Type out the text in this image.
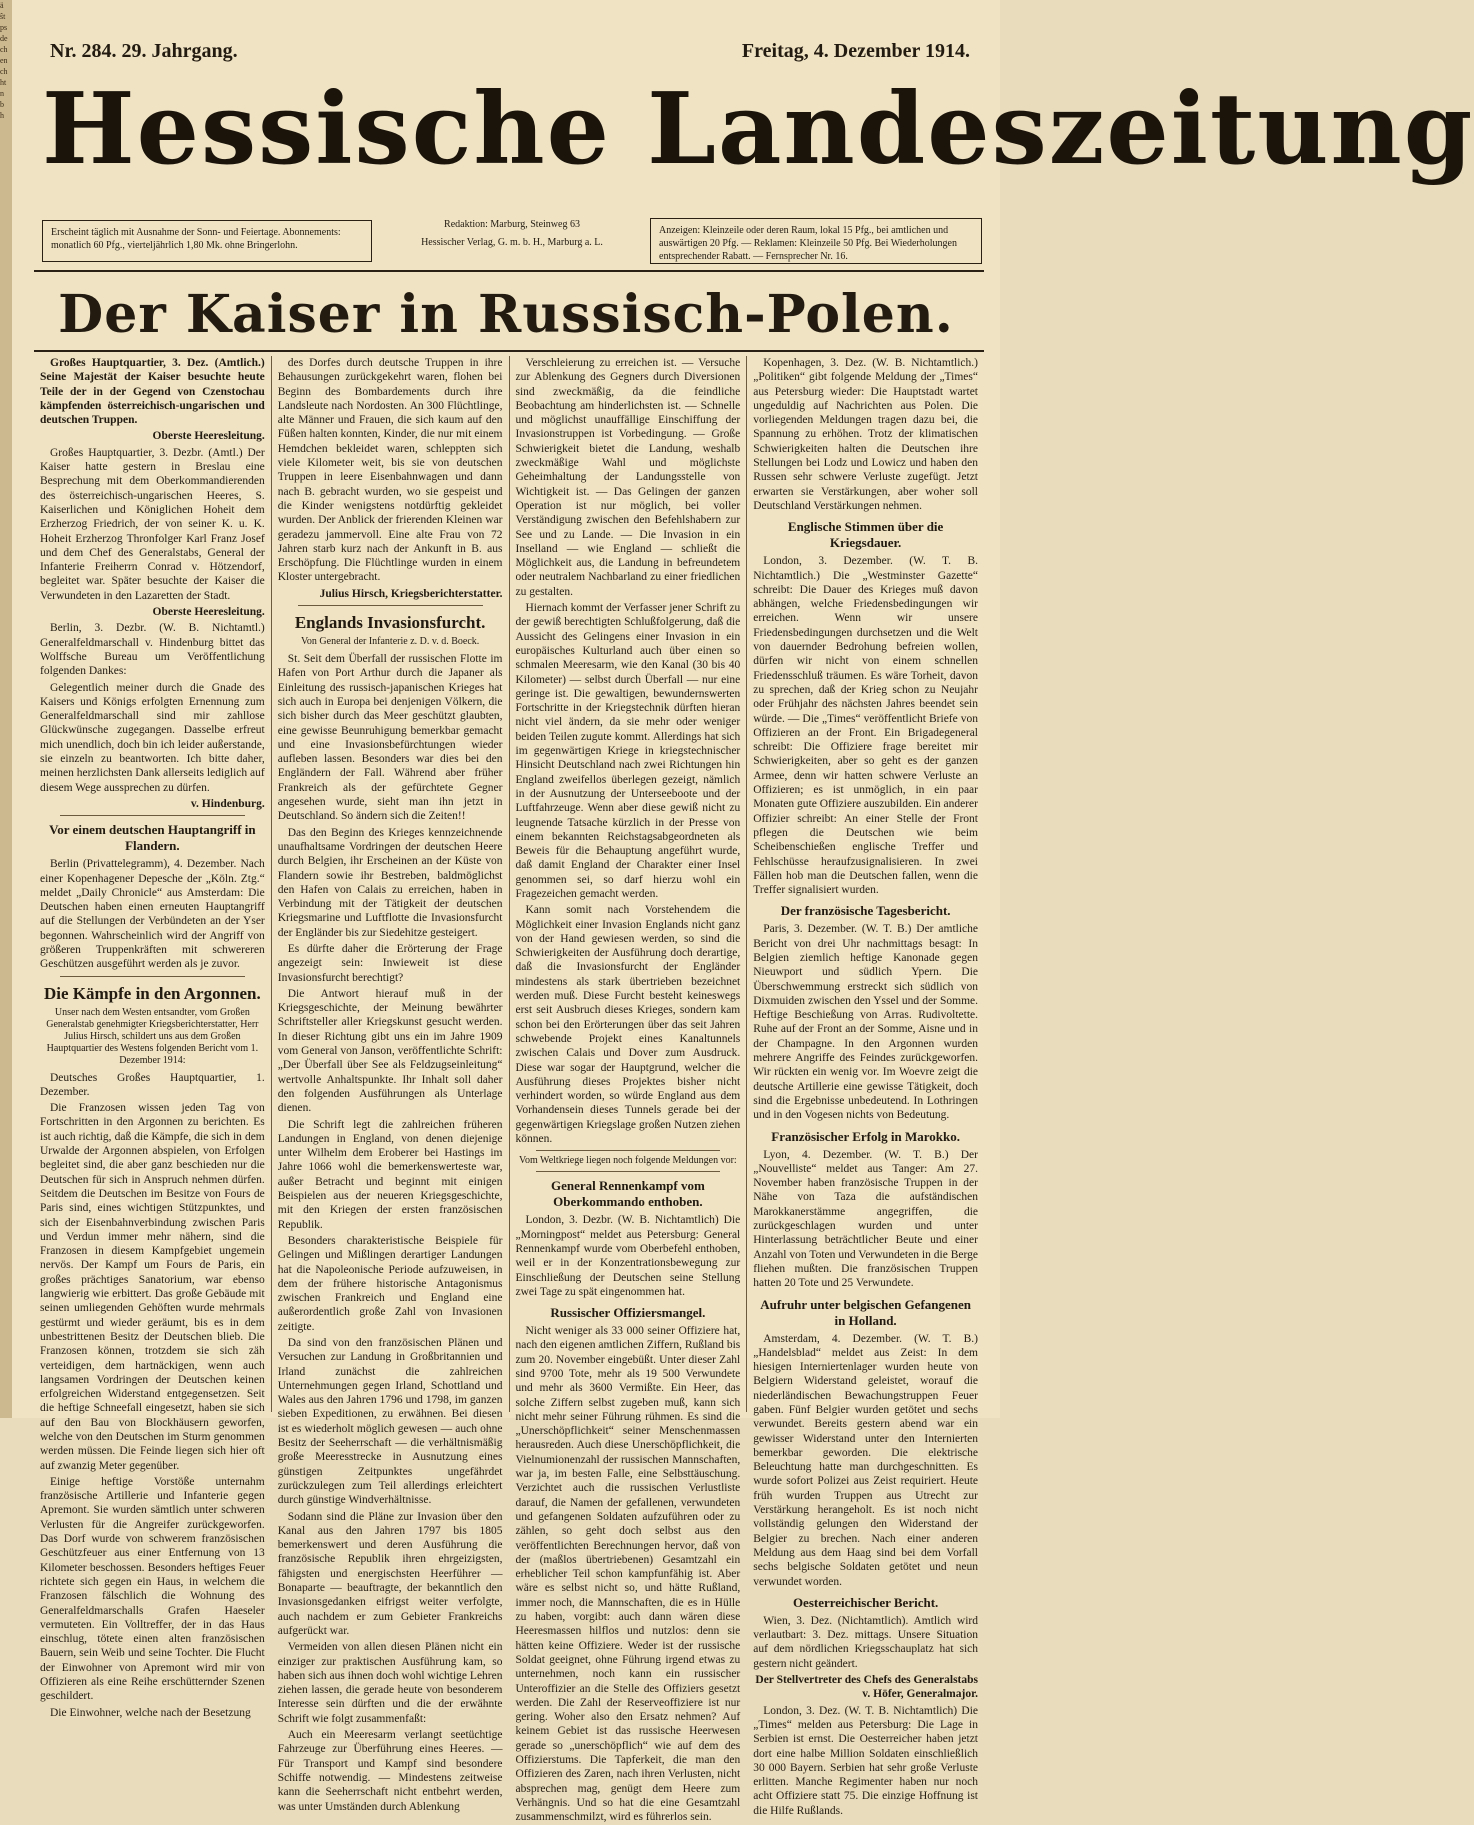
ä
ŝt
ps
de
ch
en
ch
ht
n
b
h
Nr. 284. 29. Jahrgang.	Freitag, 4. Dezember 1914.
Hessische Landeszeitung
Erscheint täglich mit Ausnahme der Sonn- und Feiertage. Abonnements: monatlich 60 Pfg., vierteljährlich 1,80 Mk. ohne Bringerlohn.
Redaktion: Marburg, Steinweg 63
Hessischer Verlag, G. m. b. H., Marburg a. L.
Anzeigen: Kleinzeile oder deren Raum, lokal 15 Pfg., bei amtlichen und auswärtigen 20 Pfg. — Reklamen: Kleinzeile 50 Pfg. Bei Wiederholungen entsprechender Rabatt. — Fernsprecher Nr. 16.
Der Kaiser in Russisch-Polen.

Großes Hauptquartier, 3. Dez. (Amtlich.) Seine Majestät der Kaiser besuchte heute Teile der in der Gegend von Czenstochau kämpfenden österreichisch-ungarischen und deutschen Truppen.

Oberste Heeresleitung.

Großes Hauptquartier, 3. Dezbr. (Amtl.) Der Kaiser hatte gestern in Breslau eine Besprechung mit dem Oberkommandierenden des österreichisch-ungarischen Heeres, S. Kaiserlichen und Königlichen Hoheit dem Erzherzog Friedrich, der von seiner K. u. K. Hoheit Erzherzog Thronfolger Karl Franz Josef und dem Chef des Generalstabs, General der Infanterie Freiherrn Conrad v. Hötzendorf, begleitet war. Später besuchte der Kaiser die Verwundeten in den Lazaretten der Stadt.

Oberste Heeresleitung.

Berlin, 3. Dezbr. (W. B. Nichtamtl.) Generalfeldmarschall v. Hindenburg bittet das Wolffsche Bureau um Veröffentlichung folgenden Dankes:

Gelegentlich meiner durch die Gnade des Kaisers und Königs erfolgten Ernennung zum Generalfeldmarschall sind mir zahllose Glückwünsche zugegangen. Dasselbe erfreut mich unendlich, doch bin ich leider außerstande, sie einzeln zu beantworten. Ich bitte daher, meinen herzlichsten Dank allerseits lediglich auf diesem Wege aussprechen zu dürfen.

v. Hindenburg.

Vor einem deutschen Hauptangriff in Flandern.

Berlin (Privattelegramm), 4. Dezember. Nach einer Kopenhagener Depesche der „Köln. Ztg.“ meldet „Daily Chronicle“ aus Amsterdam: Die Deutschen haben einen erneuten Hauptangriff auf die Stellungen der Verbündeten an der Yser begonnen. Wahrscheinlich wird der Angriff von größeren Truppenkräften mit schwereren Geschützen ausgeführt werden als je zuvor.

Die Kämpfe in den Argonnen.

Unser nach dem Westen entsandter, vom Großen Generalstab genehmigter Kriegsberichterstatter, Herr Julius Hirsch, schildert uns aus dem Großen Hauptquartier des Westens folgenden Bericht vom 1. Dezember 1914:

Deutsches Großes Hauptquartier, 1. Dezember.

Die Franzosen wissen jeden Tag von Fortschritten in den Argonnen zu berichten. Es ist auch richtig, daß die Kämpfe, die sich in dem Urwalde der Argonnen abspielen, von Erfolgen begleitet sind, die aber ganz beschieden nur die Deutschen für sich in Anspruch nehmen dürfen. Seitdem die Deutschen im Besitze von Fours de Paris sind, eines wichtigen Stützpunktes, und sich der Eisenbahnverbindung zwischen Paris und Verdun immer mehr nähern, sind die Franzosen in diesem Kampfgebiet ungemein nervös. Der Kampf um Fours de Paris, ein großes prächtiges Sanatorium, war ebenso langwierig wie erbittert. Das große Gebäude mit seinen umliegenden Gehöften wurde mehrmals gestürmt und wieder geräumt, bis es in dem unbestrittenen Besitz der Deutschen blieb. Die Franzosen können, trotzdem sie sich zäh verteidigen, dem hartnäckigen, wenn auch langsamen Vordringen der Deutschen keinen erfolgreichen Widerstand entgegensetzen. Seit die heftige Schneefall eingesetzt, haben sie sich auf den Bau von Blockhäusern geworfen, welche von den Deutschen im Sturm genommen werden müssen. Die Feinde liegen sich hier oft auf zwanzig Meter gegenüber.

Einige heftige Vorstöße unternahm französische Artillerie und Infanterie gegen Apremont. Sie wurden sämtlich unter schweren Verlusten für die Angreifer zurückgeworfen. Das Dorf wurde von schwerem französischen Geschützfeuer aus einer Entfernung von 13 Kilometer beschossen. Besonders heftiges Feuer richtete sich gegen ein Haus, in welchem die Franzosen fälschlich die Wohnung des Generalfeldmarschalls Grafen Haeseler vermuteten. Ein Volltreffer, der in das Haus einschlug, tötete einen alten französischen Bauern, sein Weib und seine Tochter. Die Flucht der Einwohner von Apremont wird mir von Offizieren als eine Reihe erschütternder Szenen geschildert.

Die Einwohner, welche nach der Besetzung

des Dorfes durch deutsche Truppen in ihre Behausungen zurückgekehrt waren, flohen bei Beginn des Bombardements durch ihre Landsleute nach Nordosten. An 300 Flüchtlinge, alte Männer und Frauen, die sich kaum auf den Füßen halten konnten, Kinder, die nur mit einem Hemdchen bekleidet waren, schleppten sich viele Kilometer weit, bis sie von deutschen Truppen in leere Eisenbahnwagen und dann nach B. gebracht wurden, wo sie gespeist und die Kinder wenigstens notdürftig gekleidet wurden. Der Anblick der frierenden Kleinen war geradezu jammervoll. Eine alte Frau von 72 Jahren starb kurz nach der Ankunft in B. aus Erschöpfung. Die Flüchtlinge wurden in einem Kloster untergebracht.

Julius Hirsch, Kriegsberichterstatter.

Englands Invasionsfurcht.

Von General der Infanterie z. D. v. d. Boeck.

St. Seit dem Überfall der russischen Flotte im Hafen von Port Arthur durch die Japaner als Einleitung des russisch-japanischen Krieges hat sich auch in Europa bei denjenigen Völkern, die sich bisher durch das Meer geschützt glaubten, eine gewisse Beunruhigung bemerkbar gemacht und eine Invasionsbefürchtungen wieder aufleben lassen. Besonders war dies bei den Engländern der Fall. Während aber früher Frankreich als der gefürchtete Gegner angesehen wurde, sieht man ihn jetzt in Deutschland. So ändern sich die Zeiten!!

Das den Beginn des Krieges kennzeichnende unaufhaltsame Vordringen der deutschen Heere durch Belgien, ihr Erscheinen an der Küste von Flandern sowie ihr Bestreben, baldmöglichst den Hafen von Calais zu erreichen, haben in Verbindung mit der Tätigkeit der deutschen Kriegsmarine und Luftflotte die Invasionsfurcht der Engländer bis zur Siedehitze gesteigert.

Es dürfte daher die Erörterung der Frage angezeigt sein: Inwieweit ist diese Invasionsfurcht berechtigt?

Die Antwort hierauf muß in der Kriegsgeschichte, der Meinung bewährter Schriftsteller aller Kriegskunst gesucht werden. In dieser Richtung gibt uns ein im Jahre 1909 vom General von Janson, veröffentlichte Schrift: „Der Überfall über See als Feldzugseinleitung“ wertvolle Anhaltspunkte. Ihr Inhalt soll daher den folgenden Ausführungen als Unterlage dienen.

Die Schrift legt die zahlreichen früheren Landungen in England, von denen diejenige unter Wilhelm dem Eroberer bei Hastings im Jahre 1066 wohl die bemerkenswerteste war, außer Betracht und beginnt mit einigen Beispielen aus der neueren Kriegsgeschichte, mit den Kriegen der ersten französischen Republik.

Besonders charakteristische Beispiele für Gelingen und Mißlingen derartiger Landungen hat die Napoleonische Periode aufzuweisen, in dem der frühere historische Antagonismus zwischen Frankreich und England eine außerordentlich große Zahl von Invasionen zeitigte.

Da sind von den französischen Plänen und Versuchen zur Landung in Großbritannien und Irland zunächst die zahlreichen Unternehmungen gegen Irland, Schottland und Wales aus den Jahren 1796 und 1798, im ganzen sieben Expeditionen, zu erwähnen. Bei diesen ist es wiederholt möglich gewesen — auch ohne Besitz der Seeherrschaft — die verhältnismäßig große Meeresstrecke in Ausnutzung eines günstigen Zeitpunktes ungefährdet zurückzulegen zum Teil allerdings erleichtert durch günstige Windverhältnisse.

Sodann sind die Pläne zur Invasion über den Kanal aus den Jahren 1797 bis 1805 bemerkenswert und deren Ausführung die französische Republik ihren ehrgeizigsten, fähigsten und energischsten Heerführer — Bonaparte — beauftragte, der bekanntlich den Invasionsgedanken eifrigst weiter verfolgte, auch nachdem er zum Gebieter Frankreichs aufgerückt war.

Vermeiden von allen diesen Plänen nicht ein einziger zur praktischen Ausführung kam, so haben sich aus ihnen doch wohl wichtige Lehren ziehen lassen, die gerade heute von besonderem Interesse sein dürften und die der erwähnte Schrift wie folgt zusammenfaßt:

Auch ein Meeresarm verlangt seetüchtige Fahrzeuge zur Überführung eines Heeres. — Für Transport und Kampf sind besondere Schiffe notwendig. — Mindestens zeitweise kann die Seeherrschaft nicht entbehrt werden, was unter Umständen durch Ablenkung

Verschleierung zu erreichen ist. — Versuche zur Ablenkung des Gegners durch Diversionen sind zweckmäßig, da die feindliche Beobachtung am hinderlichsten ist. — Schnelle und möglichst unauffällige Einschiffung der Invasionstruppen ist Vorbedingung. — Große Schwierigkeit bietet die Landung, weshalb zweckmäßige Wahl und möglichste Geheimhaltung der Landungsstelle von Wichtigkeit ist. — Das Gelingen der ganzen Operation ist nur möglich, bei voller Verständigung zwischen den Befehlshabern zur See und zu Lande. — Die Invasion in ein Inselland — wie England — schließt die Möglichkeit aus, die Landung in befreundetem oder neutralem Nachbarland zu einer friedlichen zu gestalten.

Hiernach kommt der Verfasser jener Schrift zu der gewiß berechtigten Schlußfolgerung, daß die Aussicht des Gelingens einer Invasion in ein europäisches Kulturland auch über einen so schmalen Meeresarm, wie den Kanal (30 bis 40 Kilometer) — selbst durch Überfall — nur eine geringe ist. Die gewaltigen, bewundernswerten Fortschritte in der Kriegstechnik dürften hieran nicht viel ändern, da sie mehr oder weniger beiden Teilen zugute kommt. Allerdings hat sich im gegenwärtigen Kriege in kriegstechnischer Hinsicht Deutschland nach zwei Richtungen hin England zweifellos überlegen gezeigt, nämlich in der Ausnutzung der Unterseeboote und der Luftfahrzeuge. Wenn aber diese gewiß nicht zu leugnende Tatsache kürzlich in der Presse von einem bekannten Reichstagsabgeordneten als Beweis für die Behauptung angeführt wurde, daß damit England der Charakter einer Insel genommen sei, so darf hierzu wohl ein Fragezeichen gemacht werden.

Kann somit nach Vorstehendem die Möglichkeit einer Invasion Englands nicht ganz von der Hand gewiesen werden, so sind die Schwierigkeiten der Ausführung doch derartige, daß die Invasionsfurcht der Engländer mindestens als stark übertrieben bezeichnet werden muß. Diese Furcht besteht keineswegs erst seit Ausbruch dieses Krieges, sondern kam schon bei den Erörterungen über das seit Jahren schwebende Projekt eines Kanaltunnels zwischen Calais und Dover zum Ausdruck. Diese war sogar der Hauptgrund, welcher die Ausführung dieses Projektes bisher nicht verhindert worden, so würde England aus dem Vorhandensein dieses Tunnels gerade bei der gegenwärtigen Kriegslage großen Nutzen ziehen können.

Vom Weltkriege liegen noch folgende Meldungen vor:

General Rennenkampf vom Oberkommando enthoben.

London, 3. Dezbr. (W. B. Nichtamtlich) Die „Morningpost“ meldet aus Petersburg: General Rennenkampf wurde vom Oberbefehl enthoben, weil er in der Konzentrationsbewegung zur Einschließung der Deutschen seine Stellung zwei Tage zu spät eingenommen hat.

Russischer Offiziersmangel.

Nicht weniger als 33 000 seiner Offiziere hat, nach den eigenen amtlichen Ziffern, Rußland bis zum 20. November eingebüßt. Unter dieser Zahl sind 9700 Tote, mehr als 19 500 Verwundete und mehr als 3600 Vermißte. Ein Heer, das solche Ziffern selbst zugeben muß, kann sich nicht mehr seiner Führung rühmen. Es sind die „Unerschöpflichkeit“ seiner Menschenmassen herausreden. Auch diese Unerschöpflichkeit, die Vielnumionenzahl der russischen Mannschaften, war ja, im besten Falle, eine Selbsttäuschung. Verzichtet auch die russischen Verlustliste darauf, die Namen der gefallenen, verwundeten und gefangenen Soldaten aufzuführen oder zu zählen, so geht doch selbst aus den veröffentlichten Berechnungen hervor, daß von der (maßlos übertriebenen) Gesamtzahl ein erheblicher Teil schon kampfunfähig ist. Aber wäre es selbst nicht so, und hätte Rußland, immer noch, die Mannschaften, die es in Hülle zu haben, vorgibt: auch dann wären diese Heeresmassen hilflos und nutzlos: denn sie hätten keine Offiziere. Weder ist der russische Soldat geeignet, ohne Führung irgend etwas zu unternehmen, noch kann ein russischer Unteroffizier an die Stelle des Offiziers gesetzt werden. Die Zahl der Reserveoffiziere ist nur gering. Woher also den Ersatz nehmen? Auf keinem Gebiet ist das russische Heerwesen gerade so „unerschöpflich“ wie auf dem des Offizierstums. Die Tapferkeit, die man den Offizieren des Zaren, nach ihren Verlusten, nicht absprechen mag, genügt dem Heere zum Verhängnis. Und so hat die eine Gesamtzahl zusammenschmilzt, wird es führerlos sein.

Kopenhagen, 3. Dez. (W. B. Nichtamtlich.) „Politiken“ gibt folgende Meldung der „Times“ aus Petersburg wieder: Die Hauptstadt wartet ungeduldig auf Nachrichten aus Polen. Die vorliegenden Meldungen tragen dazu bei, die Spannung zu erhöhen. Trotz der klimatischen Schwierigkeiten halten die Deutschen ihre Stellungen bei Lodz und Lowicz und haben den Russen sehr schwere Verluste zugefügt. Jetzt erwarten sie Verstärkungen, aber woher soll Deutschland Verstärkungen nehmen.

Englische Stimmen über die Kriegsdauer.

London, 3. Dezember. (W. T. B. Nichtamtlich.) Die „Westminster Gazette“ schreibt: Die Dauer des Krieges muß davon abhängen, welche Friedensbedingungen wir erreichen. Wenn wir unsere Friedensbedingungen durchsetzen und die Welt von dauernder Bedrohung befreien wollen, dürfen wir nicht von einem schnellen Friedensschluß träumen. Es wäre Torheit, davon zu sprechen, daß der Krieg schon zu Neujahr oder Frühjahr des nächsten Jahres beendet sein würde. — Die „Times“ veröffentlicht Briefe von Offizieren an der Front. Ein Brigadegeneral schreibt: Die Offiziere frage bereitet mir Schwierigkeiten, aber so geht es der ganzen Armee, denn wir hatten schwere Verluste an Offizieren; es ist unmöglich, in ein paar Monaten gute Offiziere auszubilden. Ein anderer Offizier schreibt: An einer Stelle der Front pflegen die Deutschen wie beim Scheibenschießen englische Treffer und Fehlschüsse heraufzusignalisieren. In zwei Fällen hob man die Deutschen fallen, wenn die Treffer signalisiert wurden.

Der französische Tagesbericht.

Paris, 3. Dezember. (W. T. B.) Der amtliche Bericht von drei Uhr nachmittags besagt: In Belgien ziemlich heftige Kanonade gegen Nieuwport und südlich Ypern. Die Überschwemmung erstreckt sich südlich von Dixmuiden zwischen den Yssel und der Somme. Heftige Beschießung von Arras. Rudivoltette. Ruhe auf der Front an der Somme, Aisne und in der Champagne. In den Argonnen wurden mehrere Angriffe des Feindes zurückgeworfen. Wir rückten ein wenig vor. Im Woevre zeigt die deutsche Artillerie eine gewisse Tätigkeit, doch sind die Ergebnisse unbedeutend. In Lothringen und in den Vogesen nichts von Bedeutung.

Französischer Erfolg in Marokko.

Lyon, 4. Dezember. (W. T. B.) Der „Nouvelliste“ meldet aus Tanger: Am 27. November haben französische Truppen in der Nähe von Taza die aufständischen Marokkanerstämme angegriffen, die zurückgeschlagen wurden und unter Hinterlassung beträchtlicher Beute und einer Anzahl von Toten und Verwundeten in die Berge fliehen mußten. Die französischen Truppen hatten 20 Tote und 25 Verwundete.

Aufruhr unter belgischen Gefangenen in Holland.

Amsterdam, 4. Dezember. (W. T. B.) „Handelsblad“ meldet aus Zeist: In dem hiesigen Interniertenlager wurden heute von Belgiern Widerstand geleistet, worauf die niederländischen Bewachungstruppen Feuer gaben. Fünf Belgier wurden getötet und sechs verwundet. Bereits gestern abend war ein gewisser Widerstand unter den Internierten bemerkbar geworden. Die elektrische Beleuchtung hatte man durchgeschnitten. Es wurde sofort Polizei aus Zeist requiriert. Heute früh wurden Truppen aus Utrecht zur Verstärkung herangeholt. Es ist noch nicht vollständig gelungen den Widerstand der Belgier zu brechen. Nach einer anderen Meldung aus dem Haag sind bei dem Vorfall sechs belgische Soldaten getötet und neun verwundet worden.

Oesterreichischer Bericht.

Wien, 3. Dez. (Nichtamtlich). Amtlich wird verlautbart: 3. Dez. mittags. Unsere Situation auf dem nördlichen Kriegsschauplatz hat sich gestern nicht geändert.

Der Stellvertreter des Chefs des Generalstabs v. Höfer, Generalmajor.

London, 3. Dez. (W. T. B. Nichtamtlich) Die „Times“ melden aus Petersburg: Die Lage in Serbien ist ernst. Die Oesterreicher haben jetzt dort eine halbe Million Soldaten einschließlich 30 000 Bayern. Serbien hat sehr große Verluste erlitten. Manche Regimenter haben nur noch acht Offiziere statt 75. Die einzige Hoffnung ist die Hilfe Rußlands.
